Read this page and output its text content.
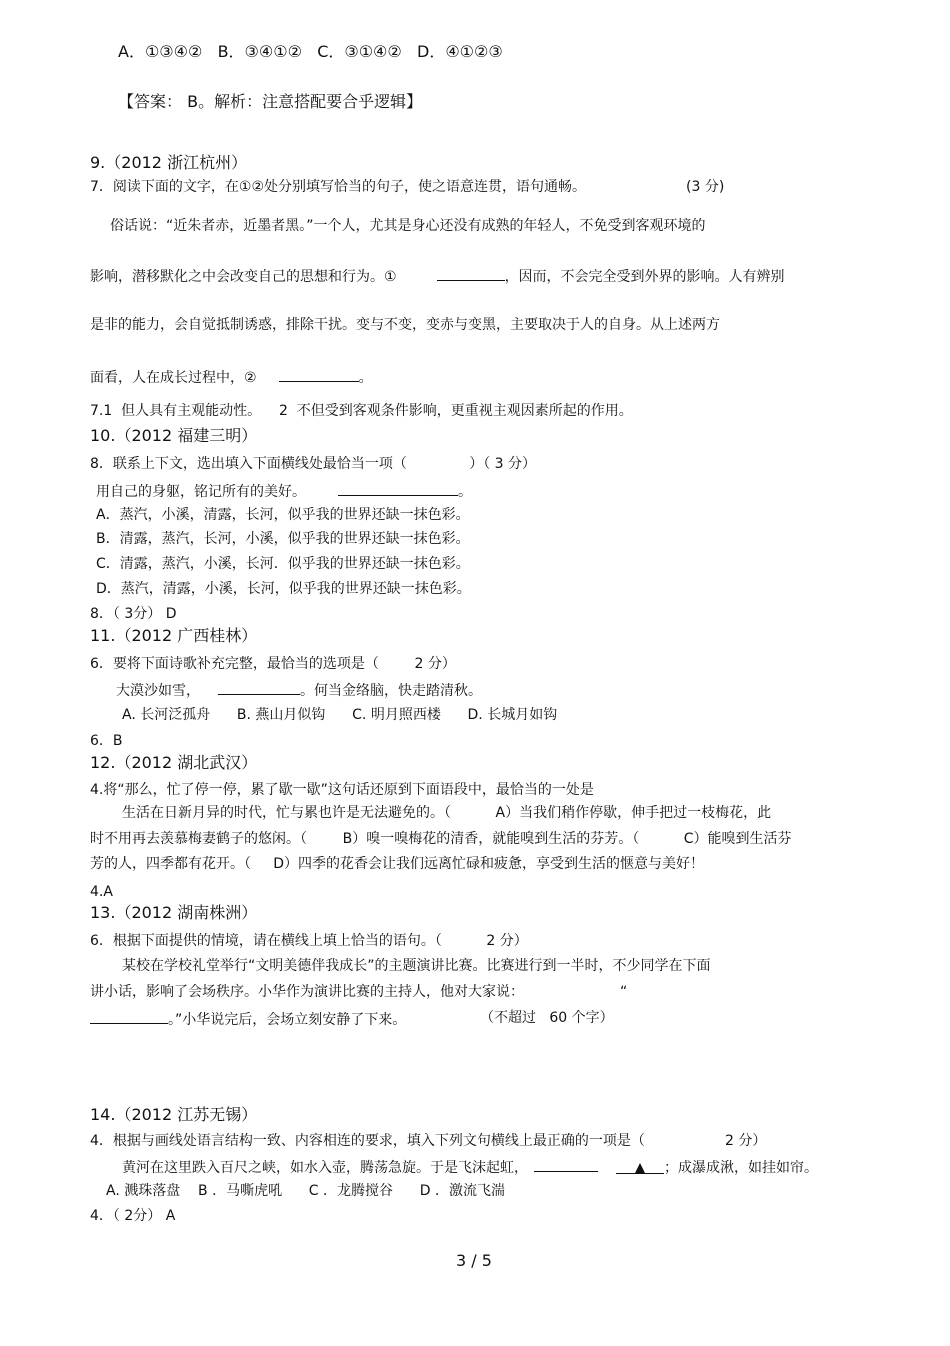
A．①③④②   B．③④①②   C．③①④②   D．④①②③
【答案： B。解析：注意搭配要合乎逻辑】
9.（2012 浙江杭州）
7．阅读下面的文字，在①②处分别填写恰当的句子，使之语意连贯，语句通畅。	(3 分)
俗话说：“近朱者赤，近墨者黑。”一个人，尤其是身心还没有成熟的年轻人，不免受到客观环境的
影响，潜移默化之中会改变自己的思想和行为。①	，因而，不会完全受到外界的影响。人有辨别
是非的能力，会自觉抵制诱惑，排除干扰。变与不变，变赤与变黑，主要取决于人的自身。从上述两方
面看，人在成长过程中，②	。
7.1  但人具有主观能动性。    2  不但受到客观条件影响，更重视主观因素所起的作用。
10.（2012 福建三明）
8．联系上下文，选出填入下面横线处最恰当一项（              ）（ 3 分）
用自己的身躯，铭记所有的美好。	。
A．蒸汽，小溪，清露，长河，似乎我的世界还缺一抹色彩。
B．清露，蒸汽，长河，小溪，似乎我的世界还缺一抹色彩。
C．清露，蒸汽，小溪，长河．似乎我的世界还缺一抹色彩。
D．蒸汽，清露，小溪，长河，似乎我的世界还缺一抹色彩。
8．（ 3分） D
11.（2012 广西桂林）
6．要将下面诗歌补充完整，最恰当的选项是（        2 分）
大漠沙如雪，	。何当金络脑，快走踏清秋。
A. 长河泛孤舟      B. 燕山月似钩      C. 明月照西楼      D. 长城月如钩
6．B
12.（2012 湖北武汉）
4.将“那么，忙了停一停，累了歇一歇”这句话还原到下面语段中，最恰当的一处是
生活在日新月异的时代，忙与累也许是无法避免的。（          A）当我们稍作停歇，伸手把过一枝梅花，此
时不用再去羡慕梅妻鹤子的悠闲。（        B）嗅一嗅梅花的清香，就能嗅到生活的芬芳。（          C）能嗅到生活芬
芳的人，四季都有花开。（     D）四季的花香会让我们远离忙碌和疲惫，享受到生活的惬意与美好！
4.A
13.（2012 湖南株洲）
6．根据下面提供的情境，请在横线上填上恰当的语句。（          2 分）
某校在学校礼堂举行“文明美德伴我成长”的主题演讲比赛。比赛进行到一半时，不少同学在下面
讲小话，影响了会场秩序。小华作为演讲比赛的主持人，他对大家说：	“
。”小华说完后，会场立刻安静了下来。	（不超过   60 个字）
14.（2012 江苏无锡）
4．根据与画线处语言结构一致、内容相连的要求，填入下列文句横线上最正确的一项是（                  2 分）
黄河在这里跌入百尺之峡，如水入壶，腾荡急旋。于是飞沫起虹，	▲ ；成瀑成湫，如挂如帘。
A. 溅珠落盘    B ．马嘶虎吼      C ．龙腾搅谷      D ．激流飞湍
4．（ 2分） A
3 / 5
